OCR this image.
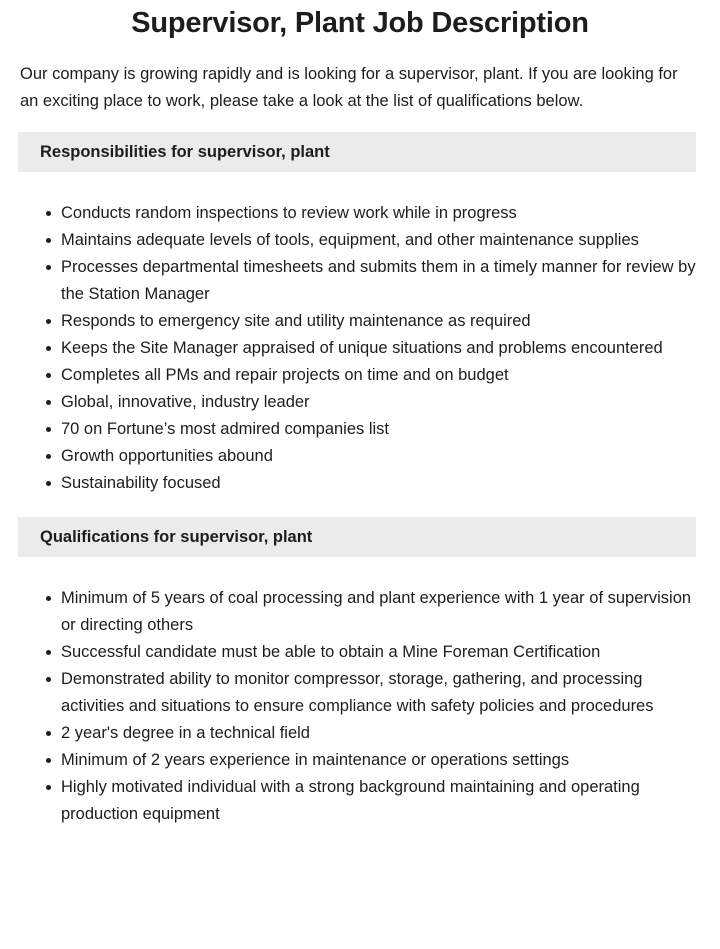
Supervisor, Plant Job Description

Our company is growing rapidly and is looking for a supervisor, plant. If you are looking for an exciting place to work, please take a look at the list of qualifications below.

Responsibilities for supervisor, plant
Conducts random inspections to review work while in progress
Maintains adequate levels of tools, equipment, and other maintenance supplies
Processes departmental timesheets and submits them in a timely manner for review by the Station Manager
Responds to emergency site and utility maintenance as required
Keeps the Site Manager appraised of unique situations and problems encountered
Completes all PMs and repair projects on time and on budget
Global, innovative, industry leader
70 on Fortune’s most admired companies list
Growth opportunities abound
Sustainability focused
Qualifications for supervisor, plant
Minimum of 5 years of coal processing and plant experience with 1 year of supervision or directing others
Successful candidate must be able to obtain a Mine Foreman Certification
Demonstrated ability to monitor compressor, storage, gathering, and processing activities and situations to ensure compliance with safety policies and procedures
2 year's degree in a technical field
Minimum of 2 years experience in maintenance or operations settings
Highly motivated individual with a strong background maintaining and operating production equipment
